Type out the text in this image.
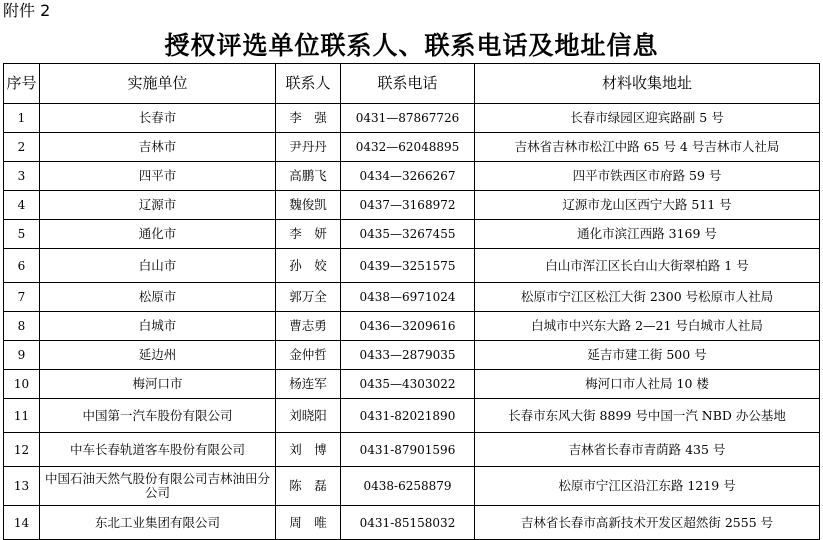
附件 2
授权评选单位联系人、联系电话及地址信息
序号	实施单位	联系人	联系电话	材料收集地址
1	长春市	李　强	0431—87867726	长春市绿园区迎宾路副 5 号
2	吉林市	尹丹丹	0432—62048895	吉林省吉林市松江中路 65 号 4 号吉林市人社局
3	四平市	高鹏飞	0434—3266267	四平市铁西区市府路 59 号
4	辽源市	魏俊凯	0437—3168972	辽源市龙山区西宁大路 511 号
5	通化市	李　妍	0435—3267455	通化市滨江西路 3169 号
6	白山市	孙　姣	0439—3251575	白山市浑江区长白山大街翠柏路 1 号
7	松原市	郭万全	0438—6971024	松原市宁江区松江大街 2300 号松原市人社局
8	白城市	曹志勇	0436—3209616	白城市中兴东大路 2—21 号白城市人社局
9	延边州	金仲哲	0433—2879035	延吉市建工街 500 号
10	梅河口市	杨连军	0435—4303022	梅河口市人社局 10 楼
11	中国第一汽车股份有限公司	刘晓阳	0431-82021890	长春市东风大街 8899 号中国一汽 NBD 办公基地
12	中车长春轨道客车股份有限公司	刘　博	0431-87901596	吉林省长春市青荫路 435 号
13	中国石油天然气股份有限公司吉林油田分公司	陈　磊	0438-6258879	松原市宁江区沿江东路 1219 号
14	东北工业集团有限公司	周　唯	0431-85158032	吉林省长春市高新技术开发区超然街 2555 号
